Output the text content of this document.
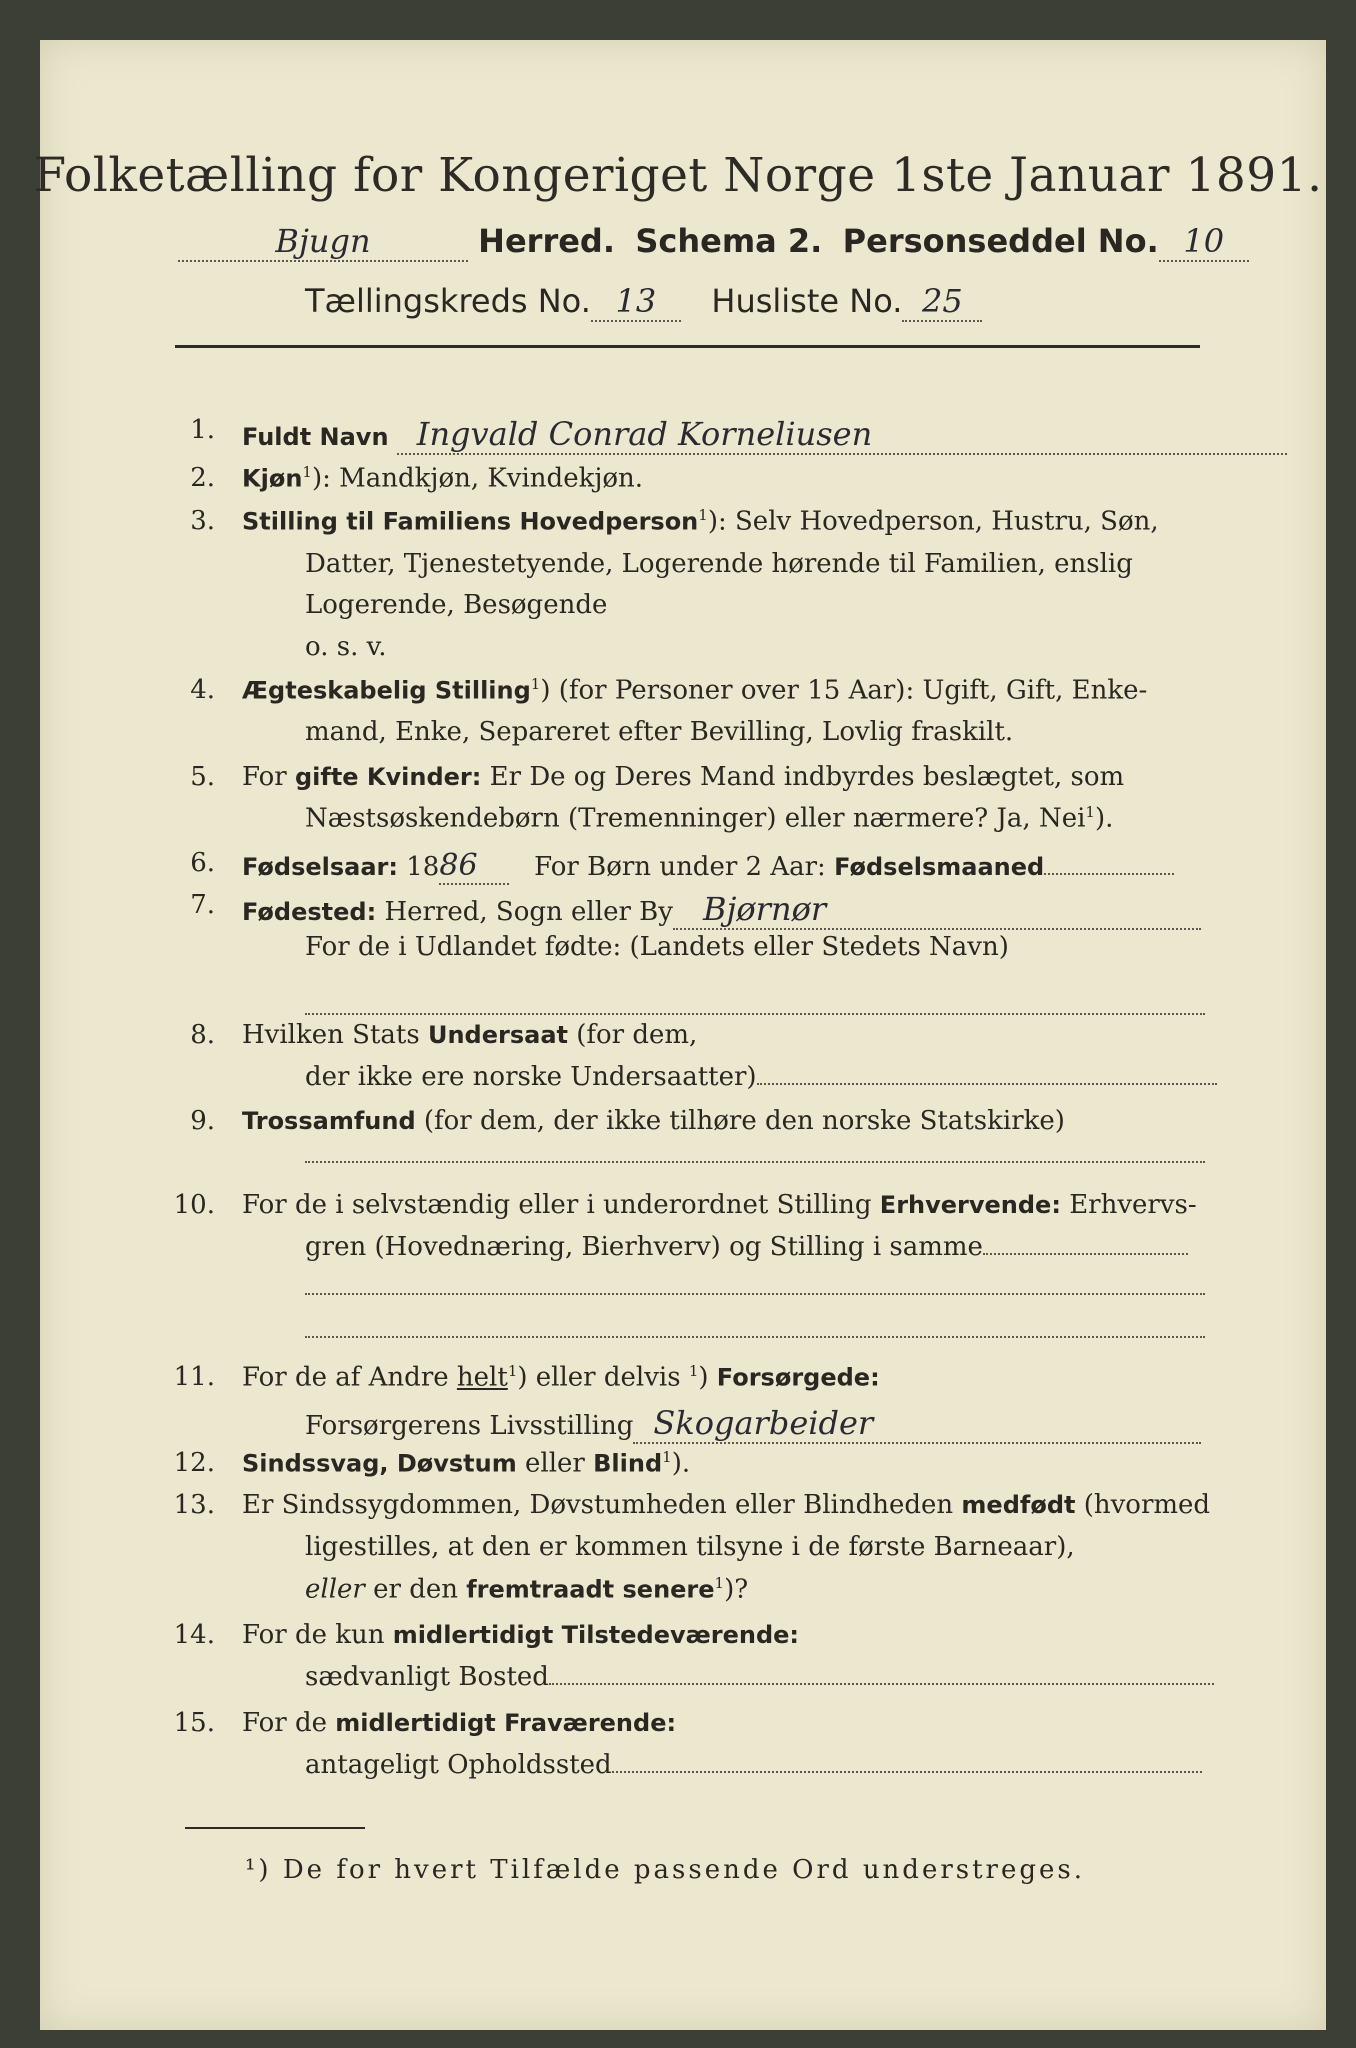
Folketælling for Kongeriget Norge 1ste Januar 1891.
Bjugn	Herred. Schema 2. Personseddel No. 10
Tællingskreds No. 13 Husliste No. 25
1. Fuldt Navn Ingvald Conrad Korneliusen
2. Kjøn$^1$): Mandkjøn, Kvindekjøn.
3. Stilling til Familiens Hovedperson$^1$): Selv Hovedperson, Hustru, Søn,
Datter, Tjenestetyende, Logerende hørende til Familien, enslig
Logerende, Besøgende
o. s. v.
4. Ægteskabelig Stilling$^1$) (for Personer over 15 Aar): Ugift, Gift, Enke-
mand, Enke, Separeret efter Bevilling, Lovlig fraskilt.
5. For gifte Kvinder: Er De og Deres Mand indbyrdes beslægtet, som
Næstsøskendebørn (Tremenninger) eller nærmere? Ja, Nei$^1$).
6. Fødselsaar: 1886 For Børn under 2 Aar: Fødselsmaaned
7. Fødested: Herred, Sogn eller By Bjørnør
For de i Udlandet fødte: (Landets eller Stedets Navn)
8. Hvilken Stats Undersaat (for dem,
der ikke ere norske Undersaatter)
9. Trossamfund (for dem, der ikke tilhøre den norske Statskirke)
10. For de i selvstændig eller i underordnet Stilling Erhvervende: Erhvervs-
gren (Hovednæring, Bierhverv) og Stilling i samme
11. For de af Andre helt$^1$) eller delvis $^1$) Forsørgede:
Forsørgerens Livsstilling Skogarbeider
12. Sindssvag, Døvstum eller Blind$^1$).
13. Er Sindssygdommen, Døvstumheden eller Blindheden medfødt (hvormed
ligestilles, at den er kommen tilsyne i de første Barneaar),
eller er den fremtraadt senere$^1$)?
14. For de kun midlertidigt Tilstedeværende:
sædvanligt Bosted
15. For de midlertidigt Fraværende:
antageligt Opholdssted
¹) De for hvert Tilfælde passende Ord understreges.
